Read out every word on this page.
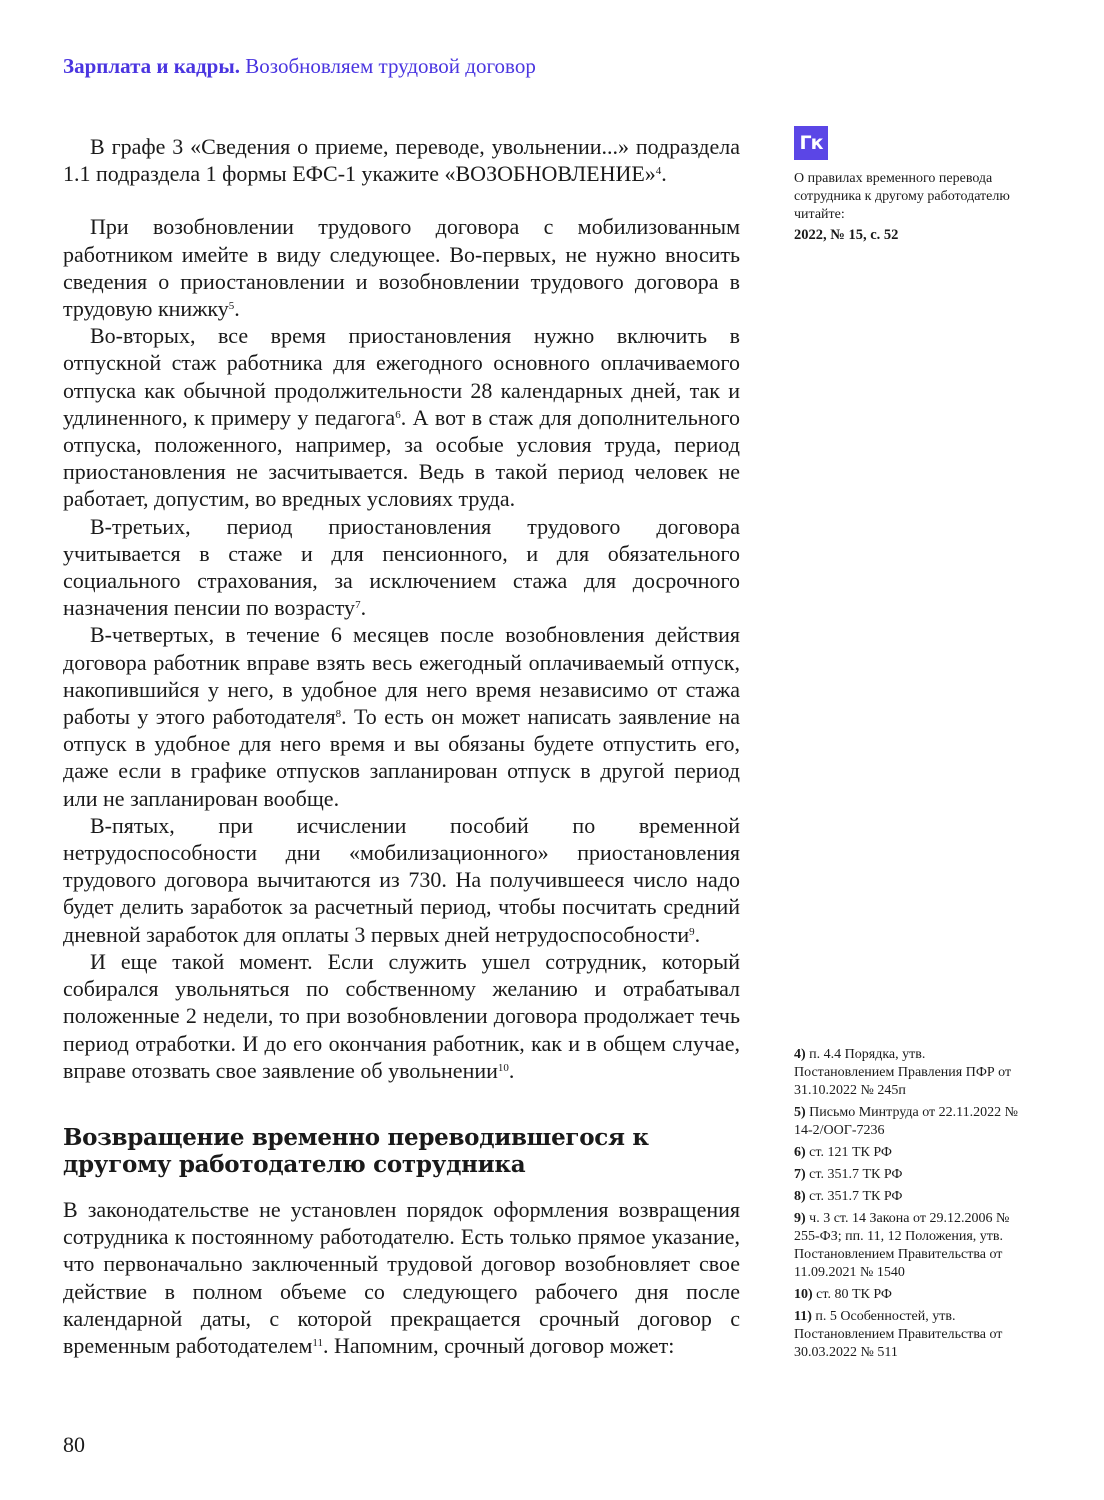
Зарплата и кадры. Возобновляем трудовой договор

В графе 3 «Сведения о приеме, переводе, увольнении...» подраздела 1.1 подраздела 1 формы ЕФС-1 укажите «ВОЗОБНОВЛЕНИЕ»$^4$.

При возобновлении трудового договора с мобилизованным работником имейте в виду следующее. Во-первых, не нужно вносить сведения о приостановлении и возобновлении трудового договора в трудовую книжку$^5$.

Во-вторых, все время приостановления нужно включить в отпускной стаж работника для ежегодного основного оплачиваемого отпуска как обычной продолжительности 28 календарных дней, так и удлиненного, к примеру у педагога$^6$. А вот в стаж для дополнительного отпуска, положенного, например, за особые условия труда, период приостановления не засчитывается. Ведь в такой период человек не работает, допустим, во вредных условиях труда.

В-третьих, период приостановления трудового договора учитывается в стаже и для пенсионного, и для обязательного социального страхования, за исключением стажа для досрочного назначения пенсии по возрасту$^7$.

В-четвертых, в течение 6 месяцев после возобновления действия договора работник вправе взять весь ежегодный оплачиваемый отпуск, накопившийся у него, в удобное для него время независимо от стажа работы у этого работодателя$^8$. То есть он может написать заявление на отпуск в удобное для него время и вы обязаны будете отпустить его, даже если в графике отпусков запланирован отпуск в другой период или не запланирован вообще.

В-пятых, при исчислении пособий по временной нетрудоспособности дни «мобилизационного» приостановления трудового договора вычитаются из 730. На получившееся число надо будет делить заработок за расчетный период, чтобы посчитать средний дневной заработок для оплаты 3 первых дней нетрудоспособности$^9$.

И еще такой момент. Если служить ушел сотрудник, который собирался увольняться по собственному желанию и отрабатывал положенные 2 недели, то при возобновлении договора продолжает течь период отработки. И до его окончания работник, как и в общем случае, вправе отозвать свое заявление об увольнении$^{10}$.

Возвращение временно переводившегося к другому работодателю сотрудника

В законодательстве не установлен порядок оформления возвращения сотрудника к постоянному работодателю. Есть только прямое указание, что первоначально заключенный трудовой договор возобновляет свое действие в полном объеме со следующего рабочего дня после календарной даты, с которой прекращается срочный договор с временным работодателем$^{11}$. Напомним, срочный договор может:

Гк
О правилах временного перевода сотрудника к другому работодателю читайте:
2022, № 15, с. 52
4) п. 4.4 Порядка, утв. Постановлением Правления ПФР от 31.10.2022 № 245п
5) Письмо Минтруда от 22.11.2022 № 14-2/ООГ-7236
6) ст. 121 ТК РФ
7) ст. 351.7 ТК РФ
8) ст. 351.7 ТК РФ
9) ч. 3 ст. 14 Закона от 29.12.2006 № 255-ФЗ; пп. 11, 12 Положения, утв. Постановлением Правительства от 11.09.2021 № 1540
10) ст. 80 ТК РФ
11) п. 5 Особенностей, утв. Постановлением Правительства от 30.03.2022 № 511
80
